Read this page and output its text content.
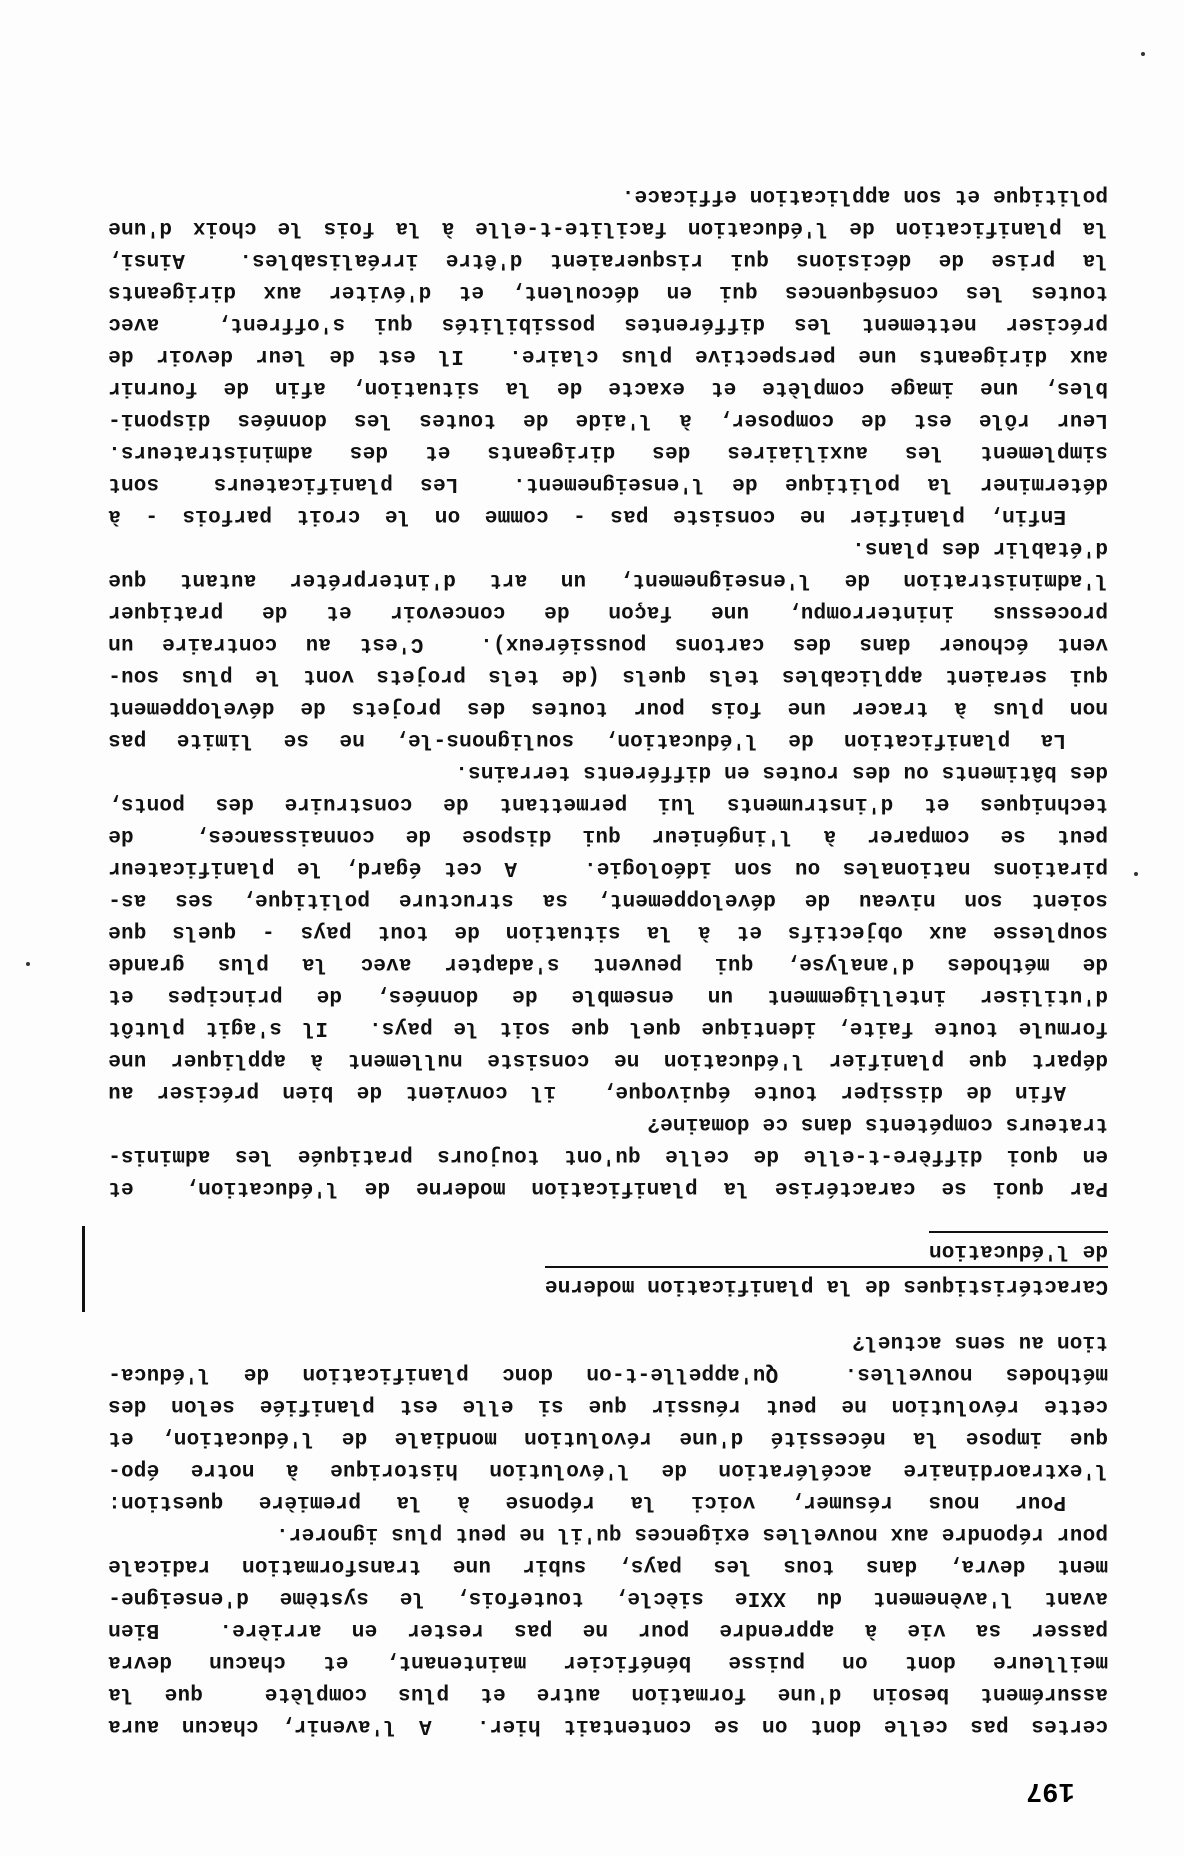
certes pas celle dont on se contentait hier.  A l'avenir, chacun aura
assurément besoin d'une formation autre et plus complète  que la
meilleure dont on puisse bénéficier maintenant, et chacun devra
passer sa vie à apprendre pour ne pas rester en arrière.  Bien
avant l'avènement du XXIe siècle, toutefois, le système d'enseigne-
ment devra, dans tous les pays, subir une transformation radicale
pour répondre aux nouvelles exigences qu'il ne peut plus ignorer.
Pour nous résumer, voici la réponse à la première question:
l'extraordinaire accélération de l'évolution historique à notre épo-
que impose la nécessité d'une révolution mondiale de l'éducation, et
cette révolution ne peut réussir que si elle est planifiée selon des
méthodes nouvelles.  Qu'appelle-t-on donc planification de l'éduca-
tion au sens actuel?
Caractéristiques de la planification moderne
de l'éducation
Par quoi se caractérise la planification moderne de l'éducation,  et
en quoi diffère-t-elle de celle qu'ont toujours pratiquée les adminis-
trateurs compétents dans ce domaine?
Afin de dissiper toute équivoque,  il convient de bien préciser au
départ que planifier l'éducation ne consiste nullement à appliquer une
formule toute faite, identique quel que soit le pays.  Il s'agit plutôt
d'utiliser intelligemment un ensemble de données, de principes et
de méthodes d'analyse, qui peuvent s'adapter avec la plus grande
souplesse aux objectifs et à la situation de tout pays - quels que
soient son niveau de développement, sa structure politique, ses as-
pirations nationales ou son idéologie.   A cet égard, le planificateur
peut se comparer à l'ingénieur qui dispose de connaissances,  de
techniques et d'instruments lui permettant de construire des ponts,
des bâtiments ou des routes en différents terrains.
La planification de l'éducation, soulignons-le, ne se limite pas
non plus à tracer une fois pour toutes des projets de développement
qui seraient applicables tels quels (de tels projets vont le plus sou-
vent échouer dans des cartons poussiéreux).  C'est au contraire un
processus ininterrompu, une façon de concevoir et de pratiquer
l'administration de l'enseignement, un art d'interpréter autant que
d'établir des plans.
Enfin, planifier ne consiste pas - comme on le croit parfois - à
déterminer la politique de l'enseignement.  Les planificateurs  sont
simplement les auxiliaires des dirigeants et des administrateurs.
Leur rôle est de composer, à l'aide de toutes les données disponi-
bles, une image complète et exacte de la situation, afin de fournir
aux dirigeants une perspective plus claire.  Il est de leur devoir de
préciser nettement les différentes possibilités qui s'offrent,  avec
toutes les conséquences qui en découlent, et d'éviter aux dirigeants
la prise de décisions qui risqueraient d'être irréalisables.  Ainsi,
la planification de l'éducation facilite-t-elle à la fois le choix d'une
politique et son application efficace.
197
